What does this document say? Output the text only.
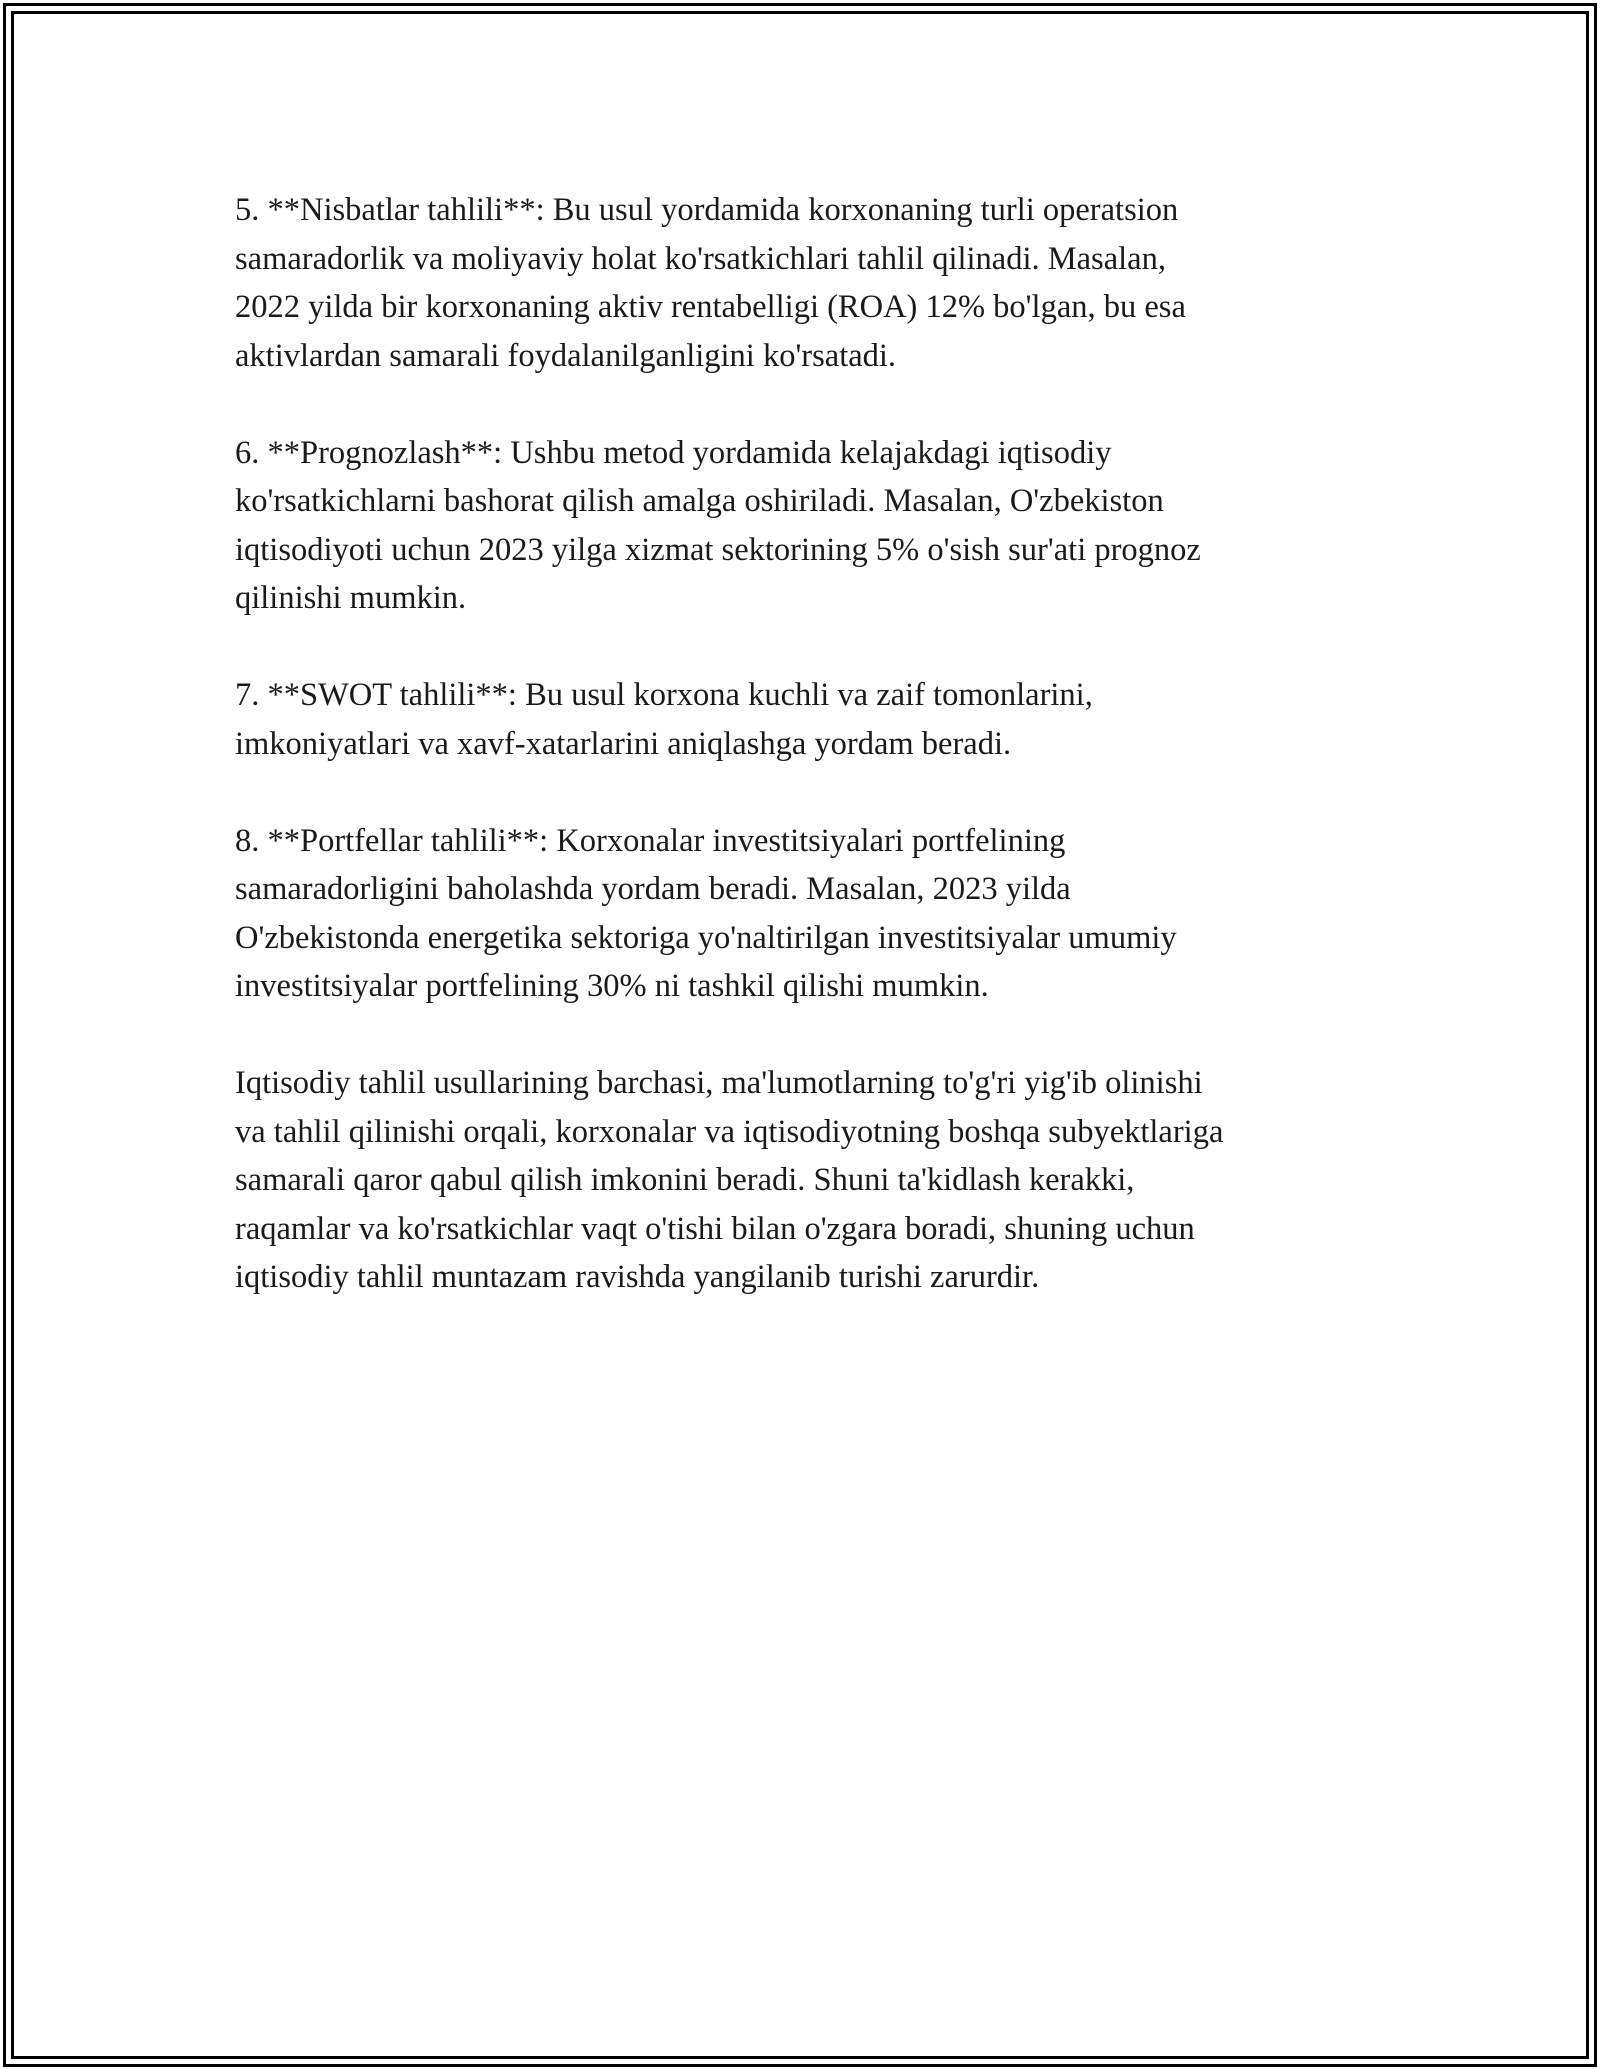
5. **Nisbatlar tahlili**: Bu usul yordamida korxonaning turli operatsion
samaradorlik va moliyaviy holat ko'rsatkichlari tahlil qilinadi. Masalan,
2022 yilda bir korxonaning aktiv rentabelligi (ROA) 12% bo'lgan, bu esa
aktivlardan samarali foydalanilganligini ko'rsatadi.

6. **Prognozlash**: Ushbu metod yordamida kelajakdagi iqtisodiy
ko'rsatkichlarni bashorat qilish amalga oshiriladi. Masalan, O'zbekiston
iqtisodiyoti uchun 2023 yilga xizmat sektorining 5% o'sish sur'ati prognoz
qilinishi mumkin.

7. **SWOT tahlili**: Bu usul korxona kuchli va zaif tomonlarini,
imkoniyatlari va xavf-xatarlarini aniqlashga yordam beradi.

8. **Portfellar tahlili**: Korxonalar investitsiyalari portfelining
samaradorligini baholashda yordam beradi. Masalan, 2023 yilda
O'zbekistonda energetika sektoriga yo'naltirilgan investitsiyalar umumiy
investitsiyalar portfelining 30% ni tashkil qilishi mumkin.

Iqtisodiy tahlil usullarining barchasi, ma'lumotlarning to'g'ri yig'ib olinishi
va tahlil qilinishi orqali, korxonalar va iqtisodiyotning boshqa subyektlariga
samarali qaror qabul qilish imkonini beradi. Shuni ta'kidlash kerakki,
raqamlar va ko'rsatkichlar vaqt o'tishi bilan o'zgara boradi, shuning uchun
iqtisodiy tahlil muntazam ravishda yangilanib turishi zarurdir.
